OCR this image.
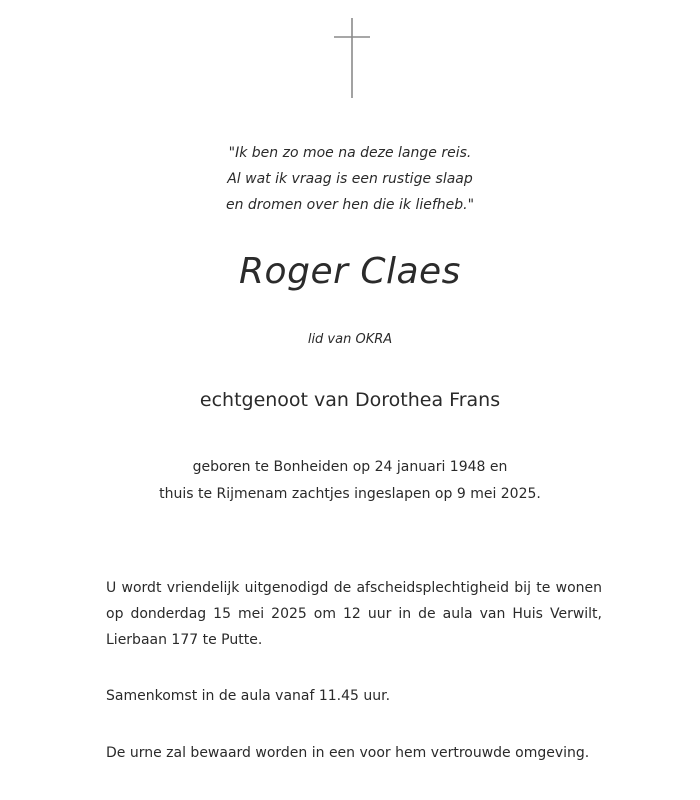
"Ik ben zo moe na deze lange reis.
Al wat ik vraag is een rustige slaap
en dromen over hen die ik liefheb."
Roger Claes
lid van OKRA
echtgenoot van Dorothea Frans
geboren te Bonheiden op 24 januari 1948 en
thuis te Rijmenam zachtjes ingeslapen op 9 mei 2025.
U wordt vriendelijk uitgenodigd de afscheidsplechtigheid bij te wonen op donderdag 15 mei 2025 om 12 uur in de aula van Huis Verwilt, Lierbaan 177 te Putte.
Samenkomst in de aula vanaf 11.45 uur.
De urne zal bewaard worden in een voor hem vertrouwde omgeving.
